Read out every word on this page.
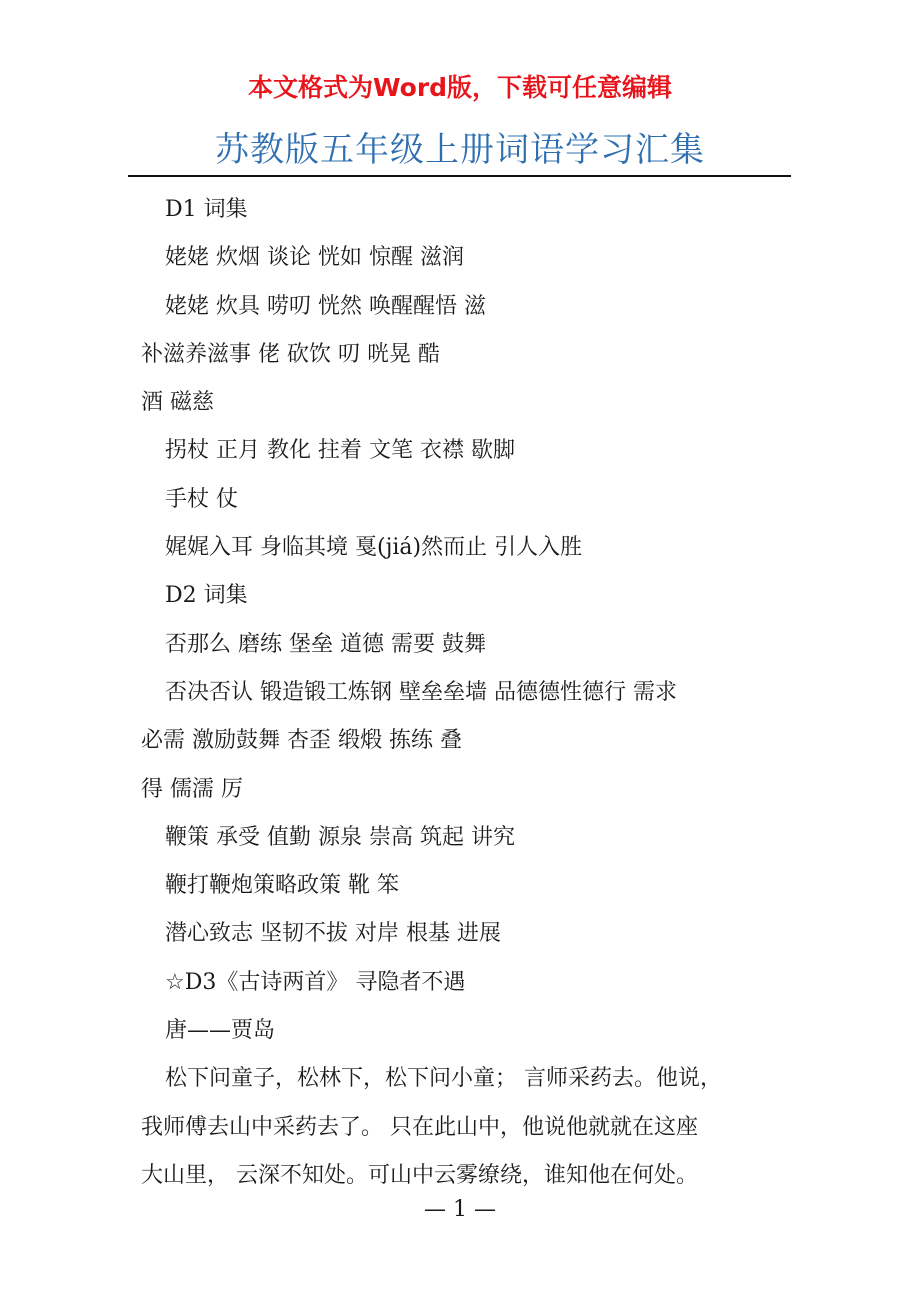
本文格式为Word版，下载可任意编辑
苏教版五年级上册词语学习汇集

D1 词集

姥姥 炊烟 谈论 恍如 惊醒 滋润

姥姥 炊具 唠叨 恍然 唤醒醒悟 滋

补滋养滋事 佬 砍饮 叨 咣晃 酷

酒 磁慈

拐杖 正月 教化 拄着 文笔 衣襟 歇脚

手杖 仗

娓娓入耳 身临其境 戛(jiá)然而止 引人入胜

D2 词集

否那么 磨练 堡垒 道德 需要 鼓舞

否决否认 锻造锻工炼钢 壁垒垒墙 品德德性德行 需求

必需 激励鼓舞 杏歪 缎煅 拣练 叠

得 儒濡 厉

鞭策 承受 值勤 源泉 崇高 筑起 讲究

鞭打鞭炮策略政策 靴 笨

潜心致志 坚韧不拔 对岸 根基 进展

☆D3《古诗两首》 寻隐者不遇

唐——贾岛

松下问童子，松林下，松下问小童； 言师采药去。他说，

我师傅去山中采药去了。 只在此山中，他说他就就在这座

大山里， 云深不知处。可山中云雾缭绕，谁知他在何处。

— 1 —
